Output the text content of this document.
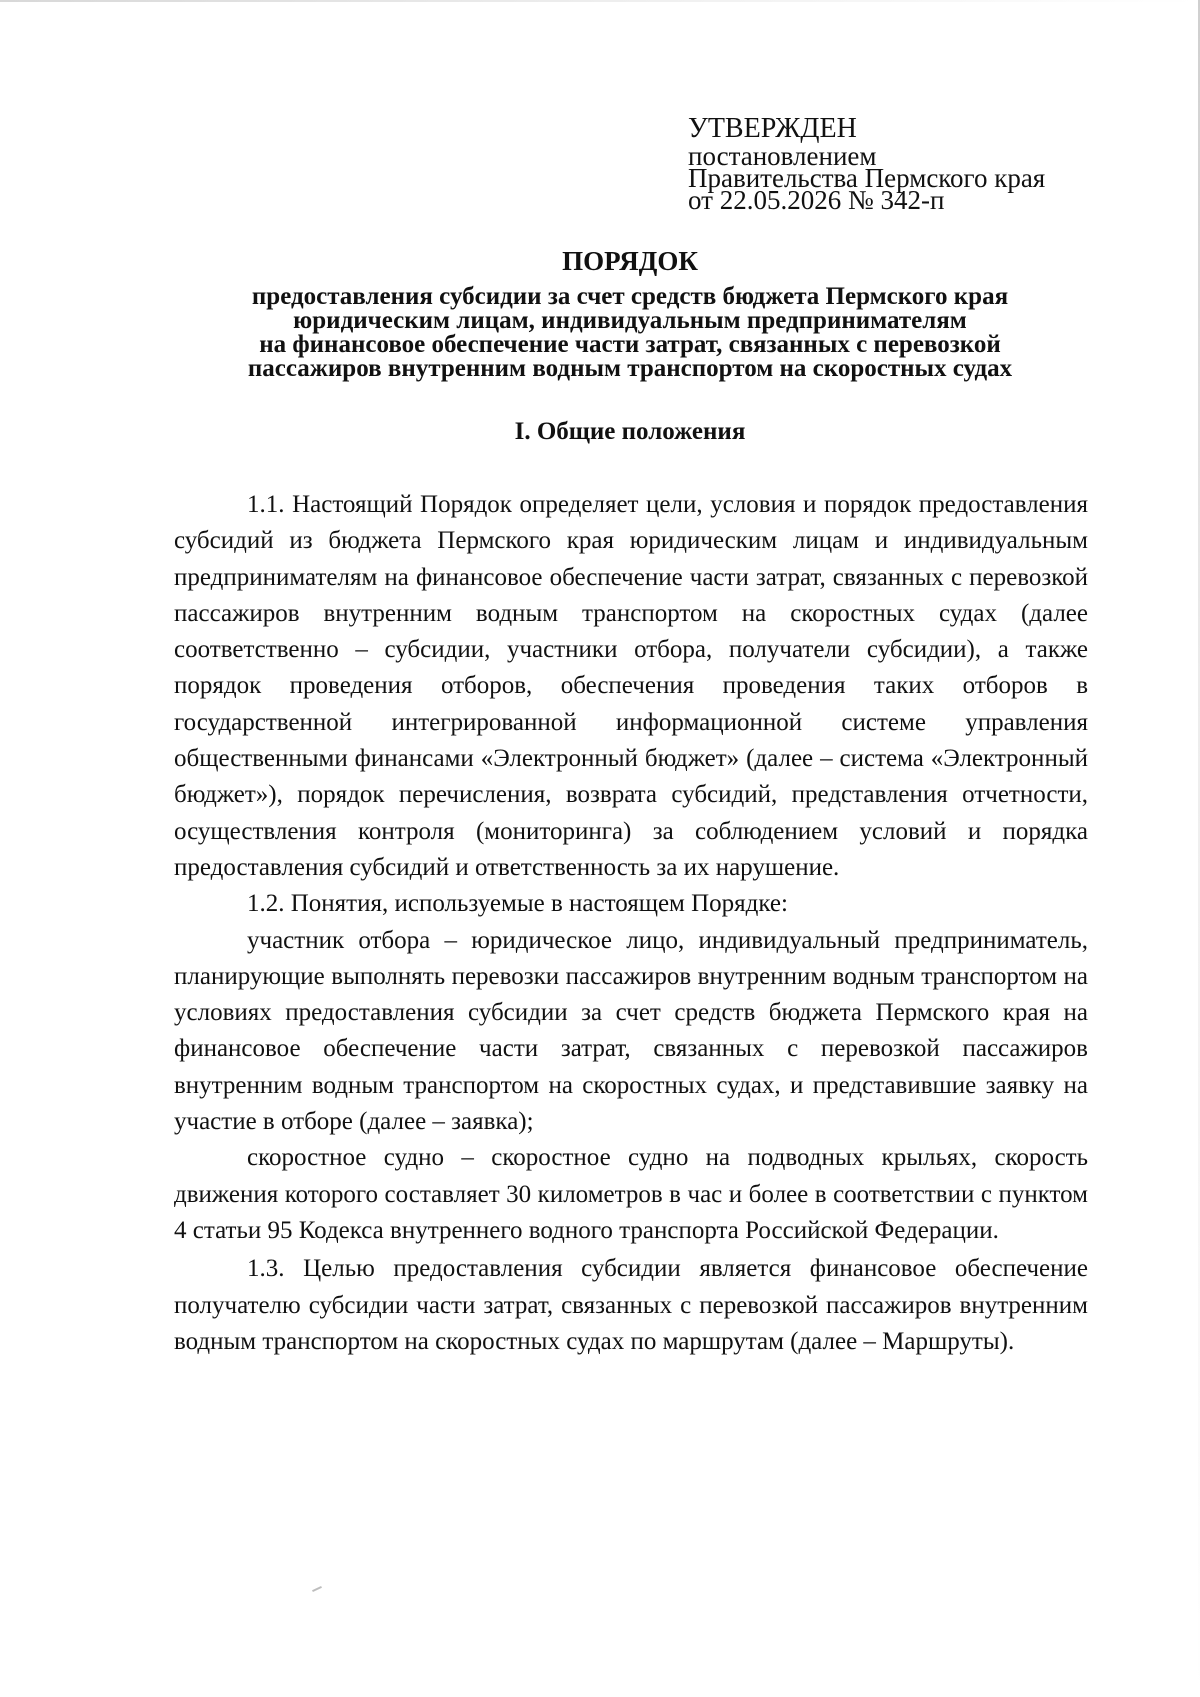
УТВЕРЖДЕН
постановлением
Правительства Пермского края
от 22.05.2026 № 342-п
ПОРЯДОК
предоставления субсидии за счет средств бюджета Пермского края
юридическим лицам, индивидуальным предпринимателям
на финансовое обеспечение части затрат, связанных с перевозкой
пассажиров внутренним водным транспортом на скоростных судах
I. Общие положения

1.1. Настоящий Порядок определяет цели, условия и порядок предоставления субсидий из бюджета Пермского края юридическим лицам и индивидуальным предпринимателям на финансовое обеспечение части затрат, связанных с перевозкой пассажиров внутренним водным транспортом на скоростных судах (далее соответственно – субсидии, участники отбора, получатели субсидии), а также порядок проведения отборов, обеспечения проведения таких отборов в государственной интегрированной информационной системе управления общественными финансами «Электронный бюджет» (далее – система «Электронный бюджет»), порядок перечисления, возврата субсидий, представления отчетности, осуществления контроля (мониторинга) за соблюдением условий и порядка предоставления субсидий и ответственность за их нарушение.

1.2. Понятия, используемые в настоящем Порядке:

участник отбора – юридическое лицо, индивидуальный предприниматель, планирующие выполнять перевозки пассажиров внутренним водным транспортом на условиях предоставления субсидии за счет средств бюджета Пермского края на финансовое обеспечение части затрат, связанных с перевозкой пассажиров внутренним водным транспортом на скоростных судах, и представившие заявку на участие в отборе (далее – заявка);

скоростное судно – скоростное судно на подводных крыльях, скорость движения которого составляет 30 километров в час и более в соответствии с пунктом 4 статьи 95 Кодекса внутреннего водного транспорта Российской Федерации.

1.3. Целью предоставления субсидии является финансовое обеспечение получателю субсидии части затрат, связанных с перевозкой пассажиров внутренним водным транспортом на скоростных судах по маршрутам (далее – Маршруты).
